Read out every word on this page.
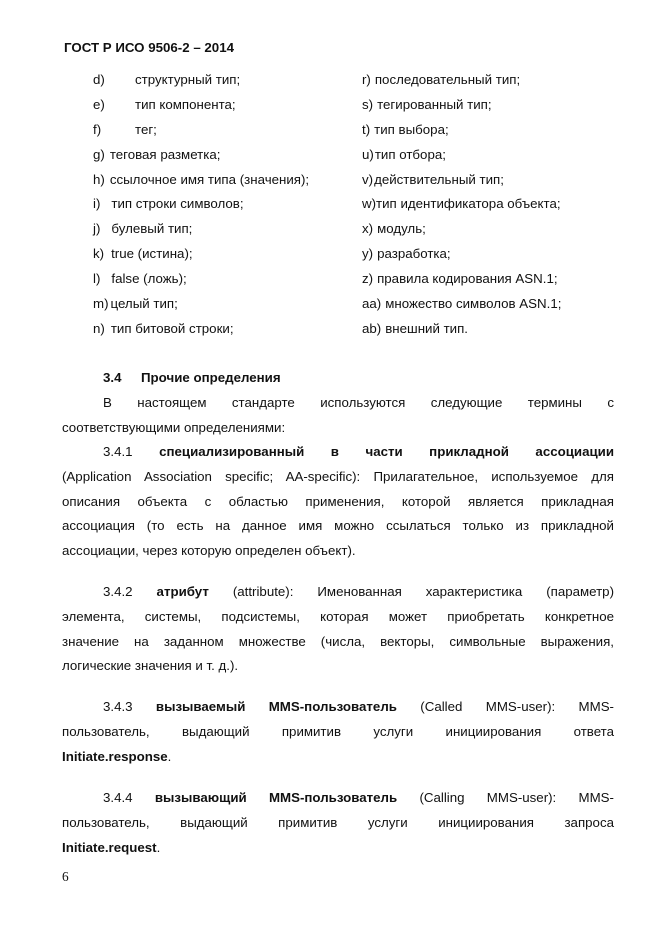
ГОСТ Р ИСО 9506-2 – 2014
d) структурный тип;
e) тип компонента;
f)	тег;
g) теговая разметка;
h) ссылочное имя типа (значения);
i) тип строки символов;
j) булевый тип;
k) true (истина);
l) false (ложь);
m) целый тип;
n) тип битовой строки;
r) последовательный тип;
s) тегированный тип;
t) тип выбора;
u)тип отбора;
v)действительный тип;
w)тип идентификатора объекта;
x) модуль;
y) разработка;
z) правила кодирования ASN.1;
aa) множество символов ASN.1;
ab) внешний тип.
3.4 Прочие определения
В настоящем стандарте используются следующие термины с
соответствующими определениями:
3.4.1 специализированный в части прикладной ассоциации
(Application Association specific; AA-specific): Прилагательное, используемое для
описания объекта с областью применения, которой является прикладная
ассоциация (то есть на данное имя можно ссылаться только из прикладной
ассоциации, через которую определен объект).
3.4.2 атрибут (attribute): Именованная характеристика (параметр)
элемента, системы, подсистемы, которая может приобретать конкретное
значение на заданном множестве (числа, векторы, символьные выражения,
логические значения и т. д.).
3.4.3 вызываемый MMS-пользователь (Called MMS-user): MMS-
пользователь, выдающий примитив услуги инициирования ответа
Initiate.response.
3.4.4 вызывающий MMS-пользователь (Calling MMS-user): MMS-
пользователь, выдающий примитив услуги инициирования запроса
Initiate.request.
6
